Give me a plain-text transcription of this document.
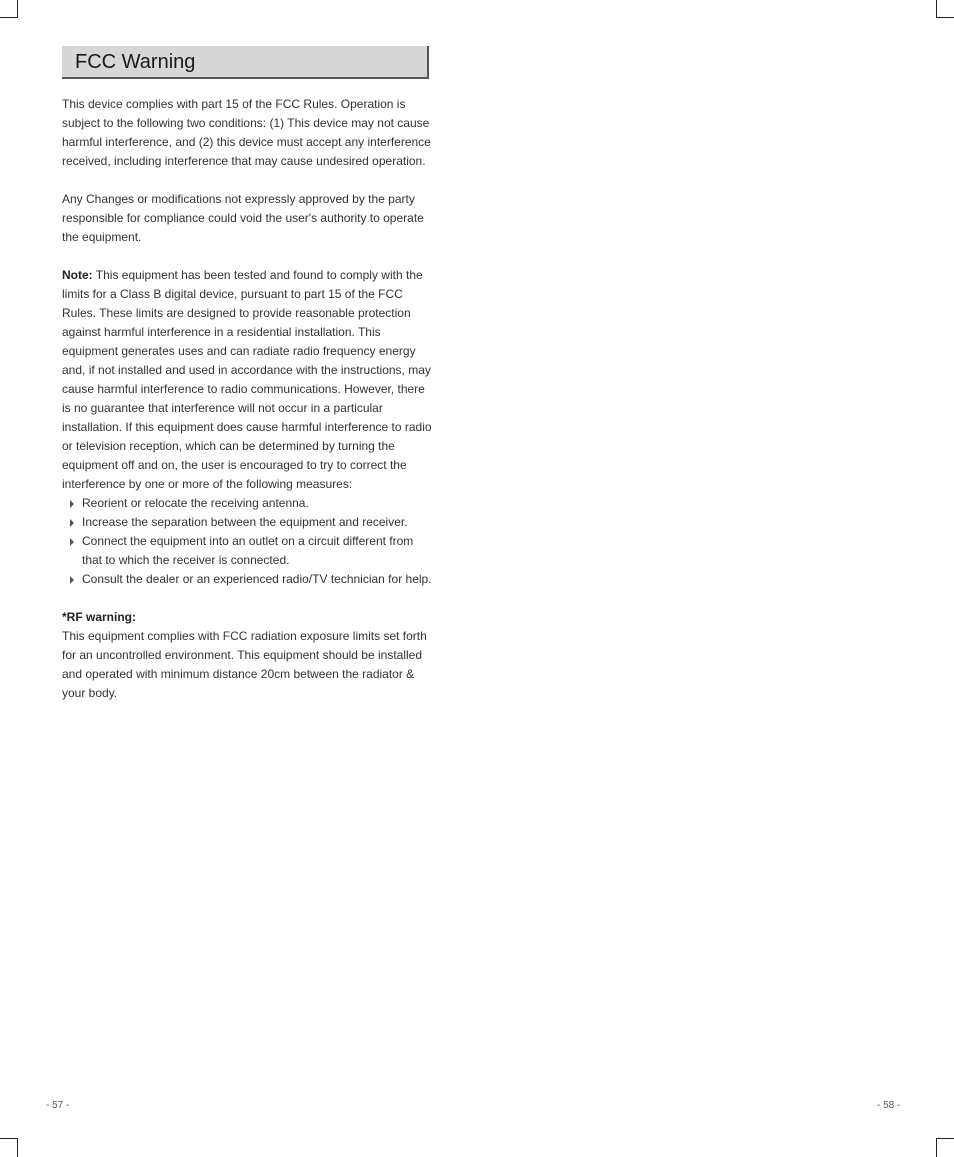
FCC Warning

This device complies with part 15 of the FCC Rules. Operation is subject to the following two conditions: (1) This device may not cause harmful interference, and (2) this device must accept any interference received, including interference that may cause undesired operation.

Any Changes or modifications not expressly approved by the party responsible for compliance could void the user's authority to operate the equipment.

Note: This equipment has been tested and found to comply with the limits for a Class B digital device, pursuant to part 15 of the FCC Rules. These limits are designed to provide reasonable protection against harmful interference in a residential installation. This equipment generates uses and can radiate radio frequency energy and, if not installed and used in accordance with the instructions, may cause harmful interference to radio communications. However, there is no guarantee that interference will not occur in a particular installation. If this equipment does cause harmful interference to radio or television reception, which can be determined by turning the equipment off and on, the user is encouraged to try to correct the interference by one or more of the following measures:

Reorient or relocate the receiving antenna.
Increase the separation between the equipment and receiver.
Connect the equipment into an outlet on a circuit different from that to which the receiver is connected.
Consult the dealer or an experienced radio/TV technician for help.

*RF warning:

This equipment complies with FCC radiation exposure limits set forth for an uncontrolled environment. This equipment should be installed and operated with minimum distance 20cm between the radiator & your body.

- 57 -	- 58 -
